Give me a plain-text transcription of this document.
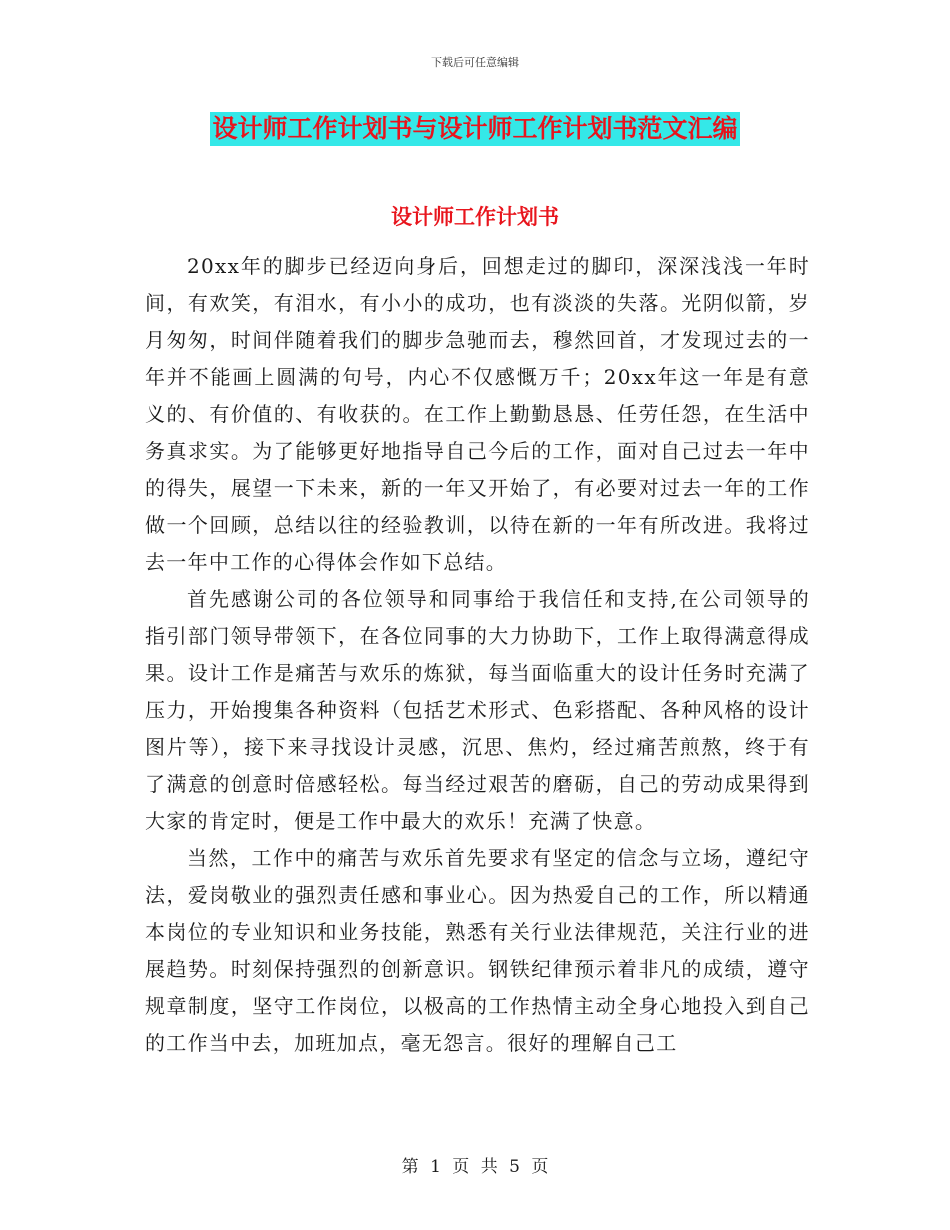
下载后可任意编辑
设计师工作计划书与设计师工作计划书范文汇编
设计师工作计划书

20xx年的脚步已经迈向身后，回想走过的脚印，深深浅浅一年时间，有欢笑，有泪水，有小小的成功，也有淡淡的失落。光阴似箭，岁月匆匆，时间伴随着我们的脚步急驰而去，穆然回首，才发现过去的一年并不能画上圆满的句号，内心不仅感慨万千；20xx年这一年是有意义的、有价值的、有收获的。在工作上勤勤恳恳、任劳任怨，在生活中务真求实。为了能够更好地指导自己今后的工作，面对自己过去一年中的得失，展望一下未来，新的一年又开始了，有必要对过去一年的工作做一个回顾，总结以往的经验教训，以待在新的一年有所改进。我将过去一年中工作的心得体会作如下总结。

首先感谢公司的各位领导和同事给于我信任和支持,在公司领导的指引部门领导带领下，在各位同事的大力协助下，工作上取得满意得成果。设计工作是痛苦与欢乐的炼狱，每当面临重大的设计任务时充满了压力，开始搜集各种资料（包括艺术形式、色彩搭配、各种风格的设计图片等），接下来寻找设计灵感，沉思、焦灼，经过痛苦煎熬，终于有了满意的创意时倍感轻松。每当经过艰苦的磨砺，自己的劳动成果得到大家的肯定时，便是工作中最大的欢乐！充满了快意。

当然，工作中的痛苦与欢乐首先要求有坚定的信念与立场，遵纪守法，爱岗敬业的强烈责任感和事业心。因为热爱自己的工作，所以精通本岗位的专业知识和业务技能，熟悉有关行业法律规范，关注行业的进展趋势。时刻保持强烈的创新意识。钢铁纪律预示着非凡的成绩，遵守规章制度，坚守工作岗位，以极高的工作热情主动全身心地投入到自己的工作当中去，加班加点，毫无怨言。很好的理解自己工

第 1 页 共 5 页
